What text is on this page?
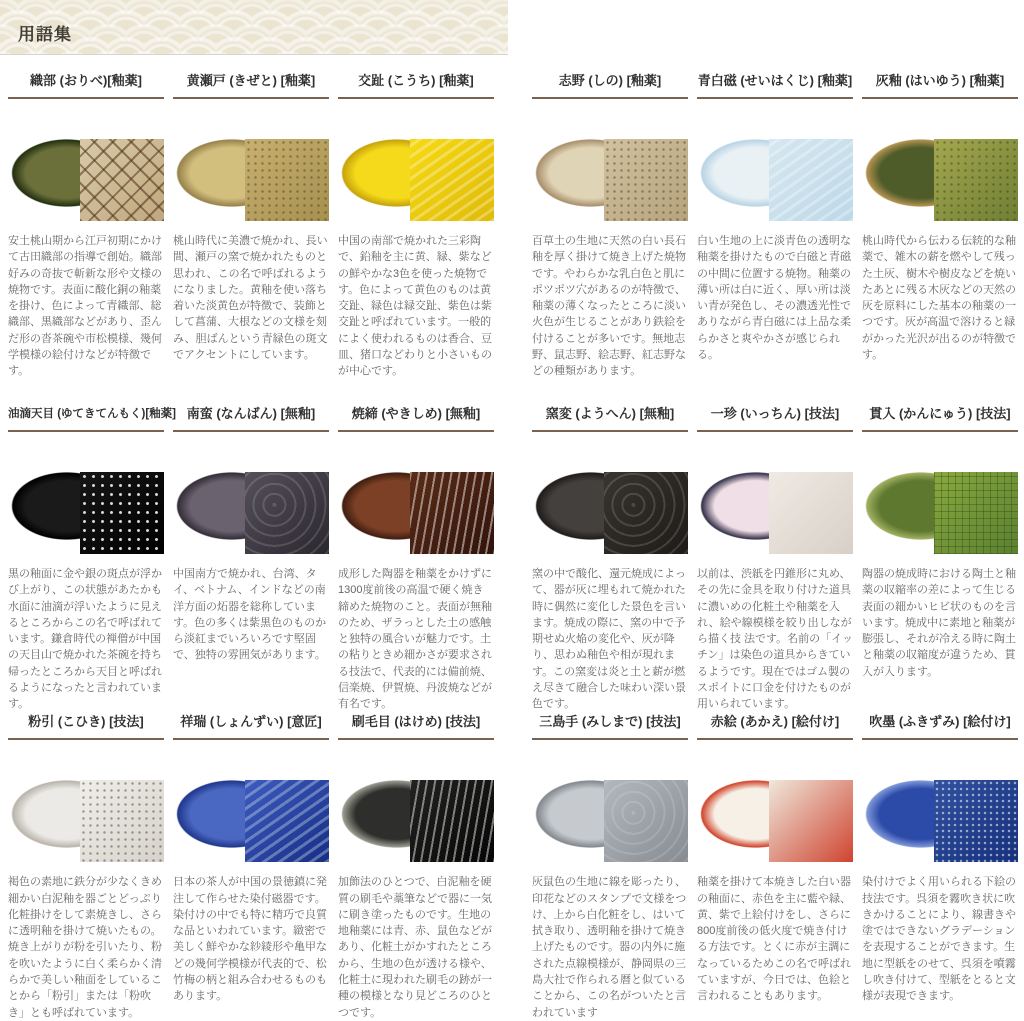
用語集
織部 (おりべ)[釉薬]

安土桃山期から江戸初期にかけて古田織部の指導で創始。織部好みの奇抜で斬新な形や文様の焼物です。表面に酸化銅の釉薬を掛け、色によって青織部、総織部、黒織部などがあり、歪んだ形の沓茶碗や市松模様、幾何学模様の絵付けなどが特徴です。

黄瀬戸 (きぜと) [釉薬]

桃山時代に美濃で焼かれ、長い間、瀬戸の窯で焼かれたものと思われ、この名で呼ばれるようになりました。黄釉を使い落ち着いた淡黄色が特徴で、装飾として菖蒲、大根などの文様を刻み、胆ばんという青緑色の斑文でアクセントにしています。

交趾 (こうち) [釉薬]

中国の南部で焼かれた三彩陶で、鉛釉を主に黄、緑、紫などの鮮やかな3色を使った焼物です。色によって黄色のものは黄交趾、緑色は緑交趾、紫色は紫交趾と呼ばれています。一般的によく使われるものは香合、豆皿、猪口などわりと小さいものが中心です。

油滴天目 (ゆてきてんもく)[釉薬]

黒の釉面に金や銀の斑点が浮かび上がり、この状態があたかも水面に油滴が浮いたように見えるところからこの名で呼ばれています。鎌倉時代の禅僧が中国の天目山で焼かれた茶碗を持ち帰ったところから天目と呼ばれるようになったと言われています。

南蛮 (なんばん) [無釉]

中国南方で焼かれ、台湾、タイ、ベトナム、インドなどの南洋方面の炻器を総称しています。色の多くは紫黒色のものから淡紅までいろいろです堅固で、独特の雰囲気があります。

焼締 (やきしめ) [無釉]

成形した陶器を釉薬をかけずに1300度前後の高温で硬く焼き締めた焼物のこと。表面が無釉のため、ザラっとした土の感触と独特の風合いが魅力です。土の粘りときめ細かさが要求される技法で、代表的には備前焼、信楽焼、伊賀焼、丹波焼などが有名です。

粉引 (こひき) [技法]

褐色の素地に鉄分が少なくきめ細かい白泥釉を器ごとどっぷり化粧掛けをして素焼きし、さらに透明釉を掛けて焼いたもの。焼き上がりが粉を引いたり、粉を吹いたように白く柔らかく清らかで美しい釉面をしていることから「粉引」または「粉吹き」とも呼ばれています。

祥瑞 (しょんずい) [意匠]

日本の茶人が中国の景徳鎮に発注して作らせた染付磁器です。染付けの中でも特に精巧で良質な品といわれています。緻密で美しく鮮やかな紗綾形や亀甲などの幾何学模様が代表的で、松竹梅の柄と組み合わせるものもあります。

刷毛目 (はけめ) [技法]

加飾法のひとつで、白泥釉を硬質の刷毛や藁筆などで器に一気に刷き塗ったものです。生地の地釉薬には青、赤、鼠色などがあり、化粧土がかすれたところから、生地の色が透ける様や、化粧土に現われた刷毛の跡が一種の模様となり見どころのひとつです。

志野 (しの) [釉薬]

百草土の生地に天然の白い長石釉を厚く掛けて焼き上げた焼物です。やわらかな乳白色と肌にポツポツ穴があるのが特徴で、釉薬の薄くなったところに淡い火色が生じることがあり鉄絵を付けることが多いです。無地志野、鼠志野、絵志野、紅志野などの種類があります。

青白磁 (せいはくじ) [釉薬]

白い生地の上に淡青色の透明な釉薬を掛けたもので白磁と青磁の中間に位置する焼物。釉薬の薄い所は白に近く、厚い所は淡い青が発色し、その濃透光性でありながら青白磁には上品な柔らかさと爽やかさが感じられる。

灰釉 (はいゆう) [釉薬]

桃山時代から伝わる伝統的な釉薬で、雑木の薪を燃やして残った土灰、樹木や樹皮などを焼いたあとに残る木灰などの天然の灰を原料にした基本の釉薬の一つです。灰が高温で溶けると緑がかった光沢が出るのが特徴です。

窯変 (ようへん) [無釉]

窯の中で酸化、還元焼成によって、器が灰に埋もれて焼かれた時に偶然に変化した景色を言います。焼成の際に、窯の中で予期せぬ火焔の変化や、灰が降り、思わぬ釉色や相が現れます。この窯変は炎と土と薪が燃え尽きて融合した味わい深い景色です。

一珍 (いっちん) [技法]

以前は、渋紙を円錐形に丸め、その先に金具を取り付けた道具に濃いめの化粧土や釉薬を入れ、絵や線模様を絞り出しながら描く技 法です。名前の「イッチン」は染色の道具からきているようです。現在ではゴム製のスポイトに口金を付けたものが用いられています。

貫入 (かんにゅう) [技法]

陶器の焼成時における陶土と釉薬の収縮率の差によって生じる表面の細かいヒビ状のものを言います。焼成中に素地と釉薬が膨張し、それが冷える時に陶土と釉薬の収縮度が違うため、貫入が入ります。

三島手 (みしまで) [技法]

灰鼠色の生地に線を彫ったり、印花などのスタンプで文様をつけ、上から白化粧をし、はいて拭き取り、透明釉を掛けて焼き上げたものです。器の内外に施された点線模様が、静岡県の三島大社で作られる暦と似ていることから、この名がついたと言われています

赤絵 (あかえ) [絵付け]

釉薬を掛けて本焼きした白い器の釉面に、赤色を主に藍や緑、黄、紫で上絵付けをし、さらに800度前後の低火度で焼き付ける方法です。とくに赤が主調になっているためこの名で呼ばれていますが、今日では、色絵と言われることもあります。

吹墨 (ふきずみ) [絵付け]

染付けでよく用いられる下絵の技法です。呉須を霧吹き状に吹きかけることにより、線書きや塗ではできないグラデーションを表現することができます。生地に型紙をのせて、呉須を噴霧し吹き付けて、型紙をとると文様が表現できます。
